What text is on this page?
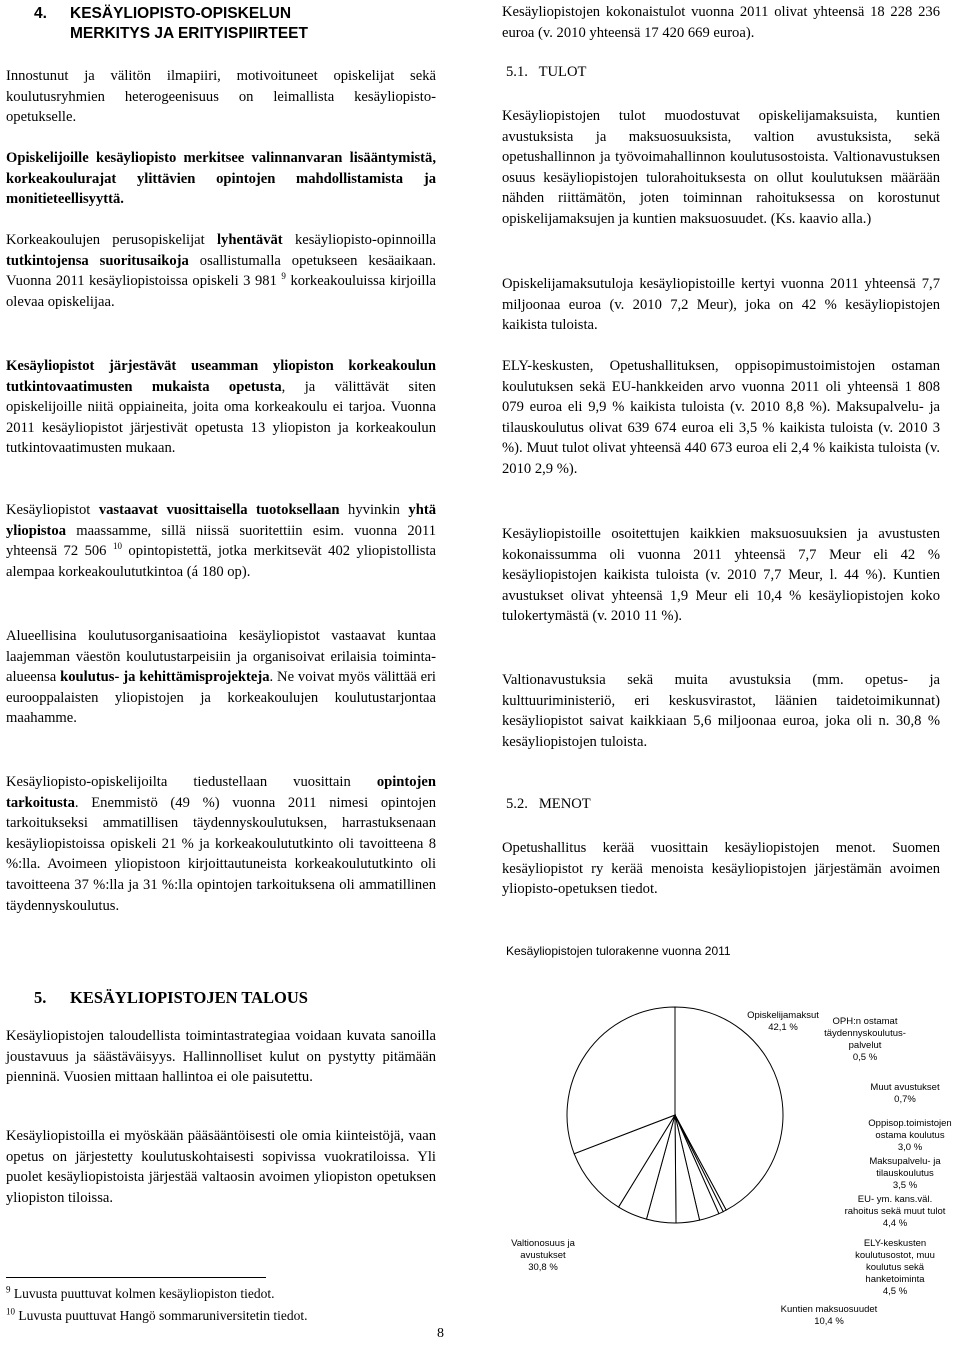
4. KESÄYLIOPISTO-OPISKELUN
MERKITYS JA ERITYISPIIRTEET

Innostunut ja välitön ilmapiiri, motivoituneet opiskelijat sekä koulutusryhmien heterogeenisuus on leimallista kesäyliopisto-opetukselle.

Opiskelijoille kesäyliopisto merkitsee valinnanvaran lisääntymistä, korkeakoulurajat ylittävien opintojen mahdollistamista ja monitieteellisyyttä.

Korkeakoulujen perusopiskelijat lyhentävät kesäyliopisto-opinnoilla tutkintojensa suoritusaikoja osallistumalla opetukseen kesäaikaan. Vuonna 2011 kesäyliopistoissa opiskeli 3 981 $^9$ korkeakouluissa kirjoilla olevaa opiskelijaa.

Kesäyliopistot järjestävät useamman yliopiston korkeakoulun tutkintovaatimusten mukaista opetusta, ja välittävät siten opiskelijoille niitä oppiaineita, joita oma korkeakoulu ei tarjoa. Vuonna 2011 kesäyliopistot järjestivät opetusta 13 yliopiston ja korkeakoulun tutkintovaatimusten mukaan.

Kesäyliopistot vastaavat vuosittaisella tuotoksellaan hyvinkin yhtä yliopistoa maassamme, sillä niissä suoritettiin esim. vuonna 2011 yhteensä 72 506 $^{10}$ opintopistettä, jotka merkitsevät 402 yliopistollista alempaa korkeakoulututkintoa (á 180 op).

Alueellisina koulutusorganisaatioina kesäyliopistot vastaavat kuntaa laajemman väestön koulutustarpeisiin ja organisoivat erilaisia toiminta-alueensa koulutus- ja kehittämisprojekteja. Ne voivat myös välittää eri eurooppalaisten yliopistojen ja korkeakoulujen koulutustarjontaa maahamme.

Kesäyliopisto-opiskelijoilta tiedustellaan vuosittain opintojen tarkoitusta. Enemmistö (49 %) vuonna 2011 nimesi opintojen tarkoitukseksi ammatillisen täydennyskoulutuksen, harrastuksenaan kesäyliopistoissa opiskeli 21 % ja korkeakoulututkinto oli tavoitteena 8 %:lla. Avoimeen yliopistoon kirjoittautuneista korkeakoulututkinto oli tavoitteena 37 %:lla ja 31 %:lla opintojen tarkoituksena oli ammatillinen täydennyskoulutus.

5. KESÄYLIOPISTOJEN TALOUS

Kesäyliopistojen taloudellista toimintastrategiaa voidaan kuvata sanoilla joustavuus ja säästäväisyys. Hallinnolliset kulut on pystytty pitämään pienninä. Vuosien mittaan hallintoa ei ole paisutettu.

Kesäyliopistoilla ei myöskään pääsääntöisesti ole omia kiinteistöjä, vaan opetus on järjestetty koulutuskohtaisesti sopivissa vuokratiloissa. Yli puolet kesäyliopistoista järjestää valtaosin avoimen yliopiston opetuksen yliopiston tiloissa.

$^9$ Luvusta puuttuvat kolmen kesäyliopiston tiedot.
$^{10}$ Luvusta puuttuvat Hangö sommaruniversitetin tiedot.
8

Kesäyliopistojen kokonaistulot vuonna 2011 olivat yhteensä 18 228 236 euroa (v. 2010 yhteensä 17 420 669 euroa).

5.1.   TULOT

Kesäyliopistojen tulot muodostuvat opiskelijamaksuista, kuntien avustuksista ja maksuosuuksista, valtion avustuksista, sekä opetushallinnon ja työvoimahallinnon koulutusostoista. Valtionavustuksen osuus kesäyliopistojen tulorahoituksesta on ollut koulutuksen määrään nähden riittämätön, joten toiminnan rahoituksessa on korostunut opiskelijamaksujen ja kuntien maksuosuudet. (Ks. kaavio alla.)

Opiskelijamaksutuloja kesäyliopistoille kertyi vuonna 2011 yhteensä 7,7 miljoonaa euroa (v. 2010 7,2 Meur), joka on 42 % kesäyliopistojen kaikista tuloista.

ELY-keskusten, Opetushallituksen, oppisopimustoimistojen ostaman koulutuksen sekä EU-hankkeiden arvo vuonna 2011 oli yhteensä 1 808 079 euroa eli 9,9 % kaikista tuloista (v. 2010 8,8 %). Maksupalvelu- ja tilauskoulutus olivat 639 674 euroa eli 3,5 % kaikista tuloista (v. 2010 3 %). Muut tulot olivat yhteensä 440 673 euroa eli 2,4 % kaikista tuloista (v. 2010 2,9 %).

Kesäyliopistoille osoitettujen kaikkien maksuosuuksien ja avustusten kokonaissumma oli vuonna 2011 yhteensä 7,7 Meur eli 42 % kesäyliopistojen kaikista tuloista (v. 2010 7,7 Meur, l. 44 %). Kuntien avustukset olivat yhteensä 1,9 Meur eli 10,4 % kesäyliopistojen koko tulokertymästä (v. 2010 11 %).

Valtionavustuksia sekä muita avustuksia (mm. opetus- ja kulttuuriministeriö, eri keskusvirastot, läänien taidetoimikunnat) kesäyliopistot saivat kaikkiaan 5,6 miljoonaa euroa, joka oli n. 30,8 % kesäyliopistojen tuloista.

5.2.   MENOT

Opetushallitus kerää vuosittain kesäyliopistojen menot. Suomen kesäyliopistot ry kerää menoista kesäyliopistojen järjestämän avoimen yliopisto-opetuksen tiedot.

Kesäyliopistojen tulorakenne vuonna 2011
Opiskelijamaksut
42,1 %
OPH:n ostamat
täydennyskoulutus-
palvelut
0,5 %
Muut avustukset
0,7%
Oppisop.toimistojen
ostama koulutus
3,0 %
Maksupalvelu- ja
tilauskoulutus
3,5 %
EU- ym. kans.väl.
rahoitus sekä muut tulot
4,4 %
ELY-keskusten
koulutusostot, muu
koulutus sekä
hanketoiminta
4,5 %
Kuntien maksuosuudet
10,4 %
Valtionosuus ja
avustukset
30,8 %
